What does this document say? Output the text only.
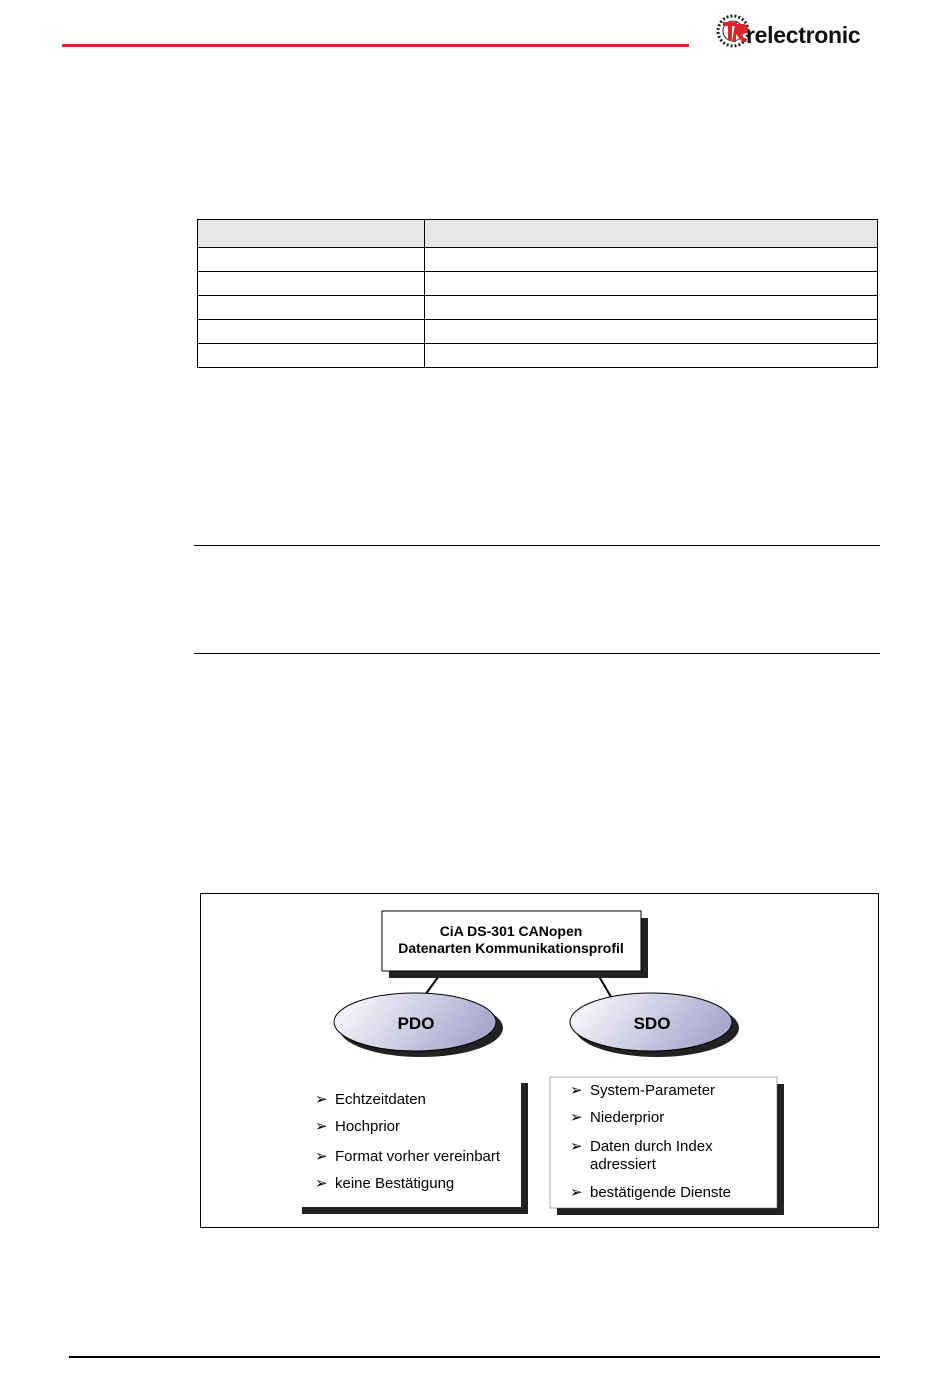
relectronic

CiA DS-301 CANopen
Datenarten Kommunikationsprofil
PDO	SDO
➢ Echtzeitdaten
➢ Hochprior
➢ Format vorher vereinbart
➢ keine Bestätigung
➢ System-Parameter
➢ Niederprior
➢ Daten durch Index
adressiert
➢ bestätigende Dienste
